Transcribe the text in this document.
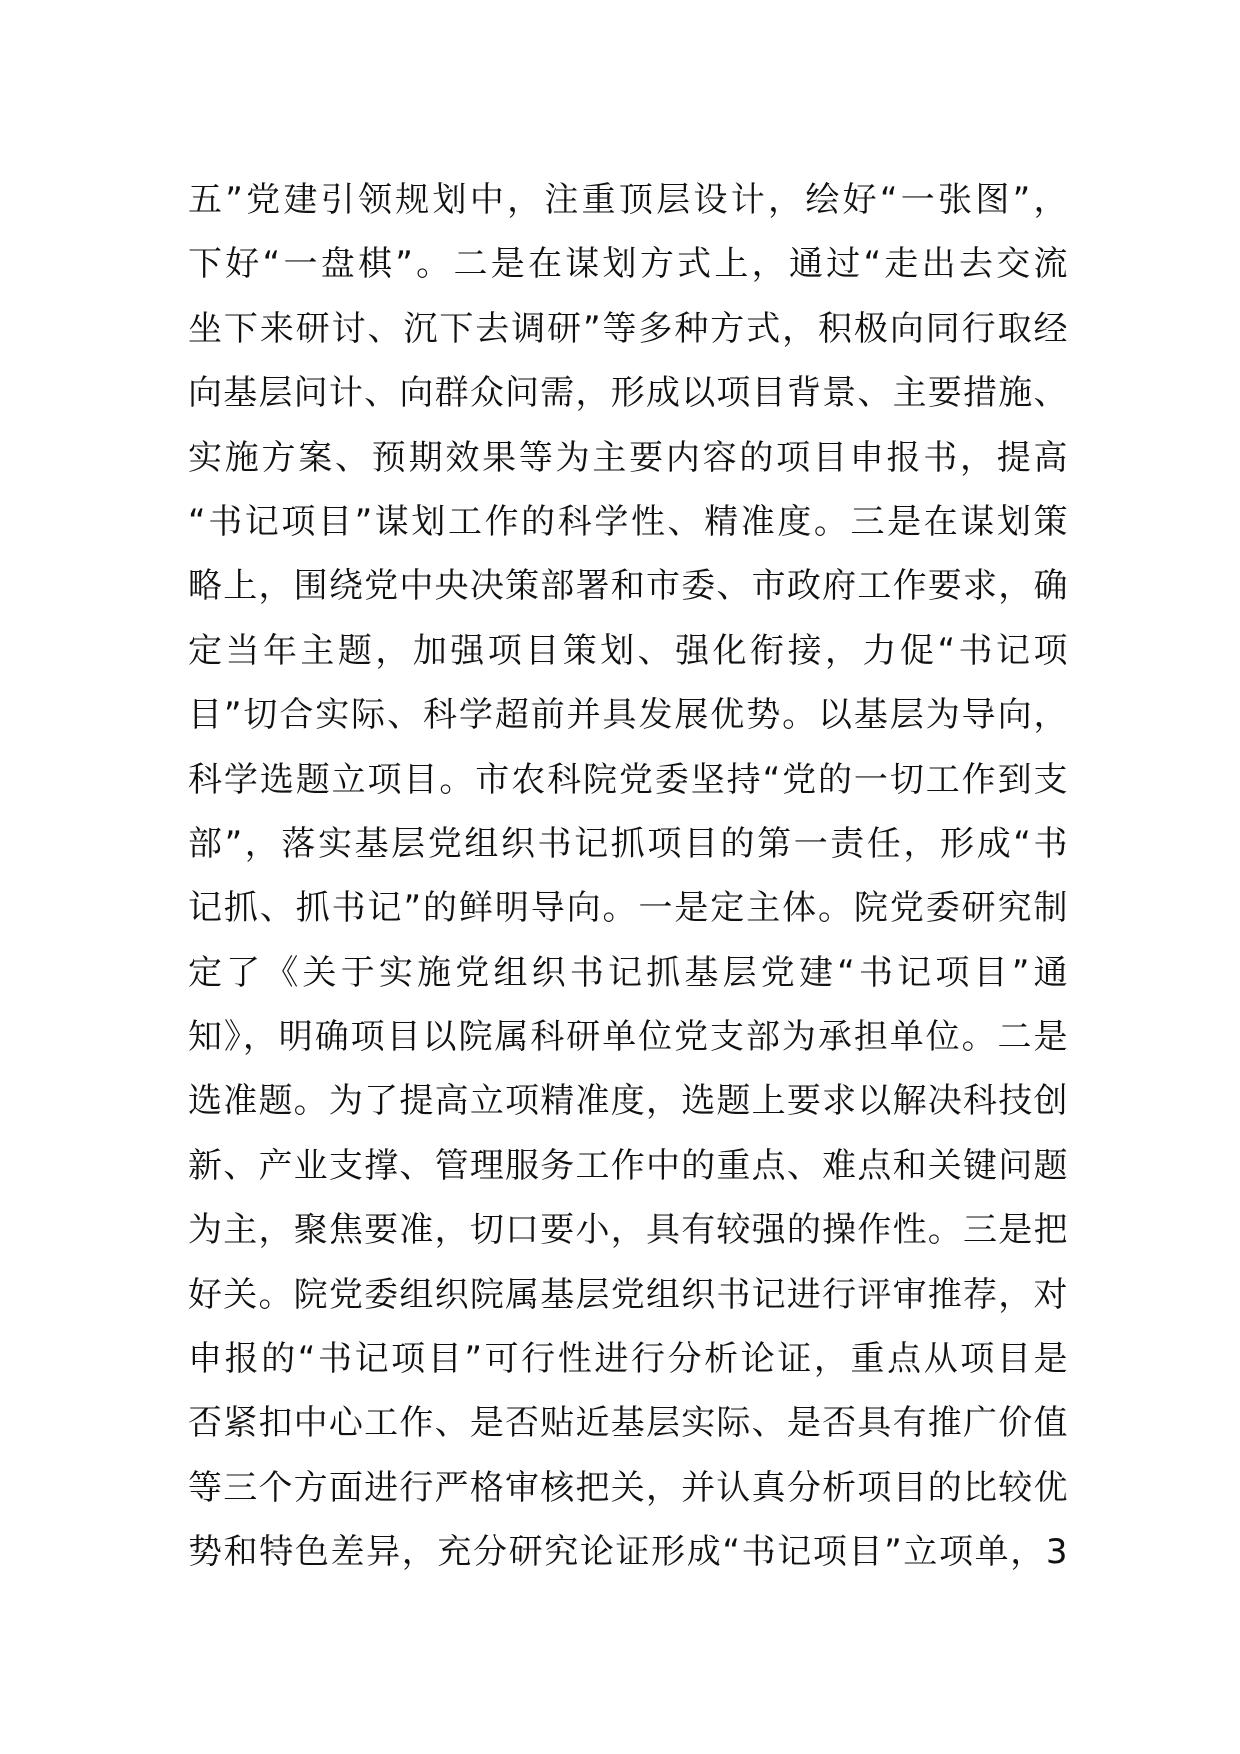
五”党建引领规划中，注重顶层设计，绘好“一张图”，
下好“一盘棋”。二是在谋划方式上，通过“走出去交流
坐下来研讨、沉下去调研”等多种方式，积极向同行取经
向基层问计、向群众问需，形成以项目背景、主要措施、
实施方案、预期效果等为主要内容的项目申报书，提高
“书记项目”谋划工作的科学性、精准度。三是在谋划策
略上，围绕党中央决策部署和市委、市政府工作要求，确
定当年主题，加强项目策划、强化衔接，力促“书记项
目”切合实际、科学超前并具发展优势。以基层为导向，
科学选题立项目。市农科院党委坚持“党的一切工作到支
部”，落实基层党组织书记抓项目的第一责任，形成“书
记抓、抓书记”的鲜明导向。一是定主体。院党委研究制
定了《关于实施党组织书记抓基层党建“书记项目”通
知》，明确项目以院属科研单位党支部为承担单位。二是
选准题。为了提高立项精准度，选题上要求以解决科技创
新、产业支撑、管理服务工作中的重点、难点和关键问题
为主，聚焦要准，切口要小，具有较强的操作性。三是把
好关。院党委组织院属基层党组织书记进行评审推荐，对
申报的“书记项目”可行性进行分析论证，重点从项目是
否紧扣中心工作、是否贴近基层实际、是否具有推广价值
等三个方面进行严格审核把关，并认真分析项目的比较优
势和特色差异，充分研究论证形成“书记项目”立项单，3
